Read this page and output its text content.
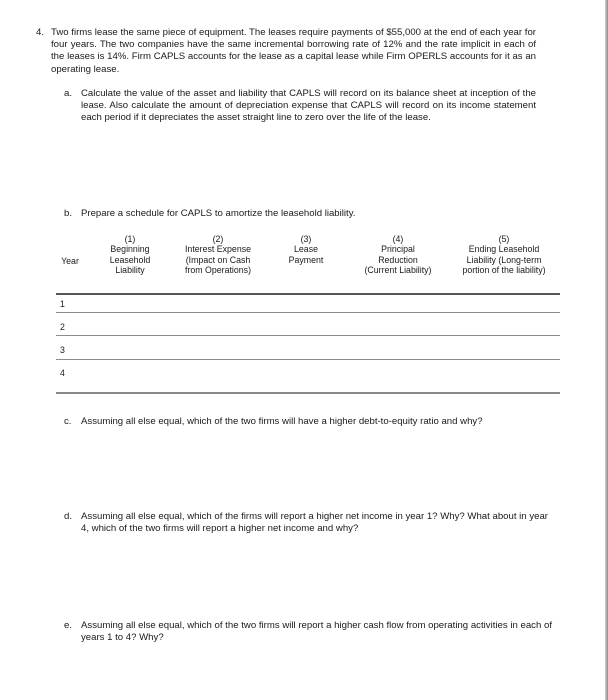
4. Two firms lease the same piece of equipment. The leases require payments of $55,000 at the end of each year for four years. The two companies have the same incremental borrowing rate of 12% and the rate implicit in each of the leases is 14%. Firm CAPLS accounts for the lease as a capital lease while Firm OPERLS accounts for it as an operating lease.
a. Calculate the value of the asset and liability that CAPLS will record on its balance sheet at inception of the lease. Also calculate the amount of depreciation expense that CAPLS will record on its income statement each period if it depreciates the asset straight line to zero over the life of the lease.
b. Prepare a schedule for CAPLS to amortize the leasehold liability.
Year
(1)
Beginning
Leasehold
Liability
(2)
Interest Expense
(Impact on Cash
from Operations)
(3)
Lease
Payment
(4)
Principal
Reduction
(Current Liability)
(5)
Ending Leasehold
Liability (Long-term
portion of the liability)
1
2
3
4
c. Assuming all else equal, which of the two firms will have a higher debt-to-equity ratio and why?
d. Assuming all else equal, which of the firms will report a higher net income in year 1? Why? What about in year 4, which of the two firms will report a higher net income and why?
e. Assuming all else equal, which of the two firms will report a higher cash flow from operating activities in each of years 1 to 4? Why?
